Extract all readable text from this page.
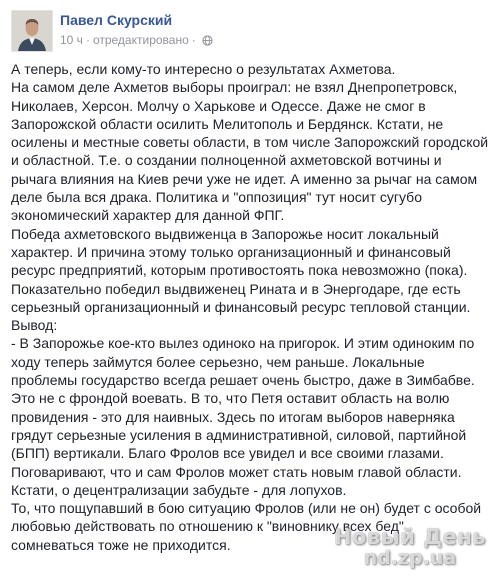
Павел Скурский
10 ч · отредактировано ·
А теперь, если кому-то интересно о результатах Ахметова.
На самом деле Ахметов выборы проиграл: не взял Днепропетровск,
Николаев, Херсон. Молчу о Харькове и Одессе. Даже не смог в
Запорожской области осилить Мелитополь и Бердянск. Кстати, не
осилены и местные советы области, в том числе Запорожский городской
и областной. Т.е. о создании полноценной ахметовской вотчины и
рычага влияния на Киев речи уже не идет. А именно за рычаг на самом
деле была вся драка. Политика и "оппозиция" тут носит сугубо
экономический характер для данной ФПГ.
Победа ахметовского выдвиженца в Запорожье носит локальный
характер. И причина этому только организационный и финансовый
ресурс предприятий, которым противостоять пока невозможно (пока).
Показательно победил выдвиженец Рината и в Энергодаре, где есть
серьезный организационный и финансовый ресурс тепловой станции.
Вывод:
- В Запорожье кое-кто вылез одиноко на пригорок. И этим одиноким по
ходу теперь займутся более серьезно, чем раньше. Локальные
проблемы государство всегда решает очень быстро, даже в Зимбабве.
Это не с фрондой воевать. В то, что Петя оставит область на волю
провидения - это для наивных. Здесь по итогам выборов наверняка
грядут серьезные усиления в административной, силовой, партийной
(БПП) вертикали. Благо Фролов все увидел и все своими глазами.
Поговаривают, что и сам Фролов может стать новым главой области.
Кстати, о децентрализации забудьте - для лопухов.
То, что пощупавший в бою ситуацию Фролов (или не он) будет с особой
любовью действовать по отношению к "виновнику всех бед"
сомневаться тоже не приходится.	Новый День
nd.zp.ua
